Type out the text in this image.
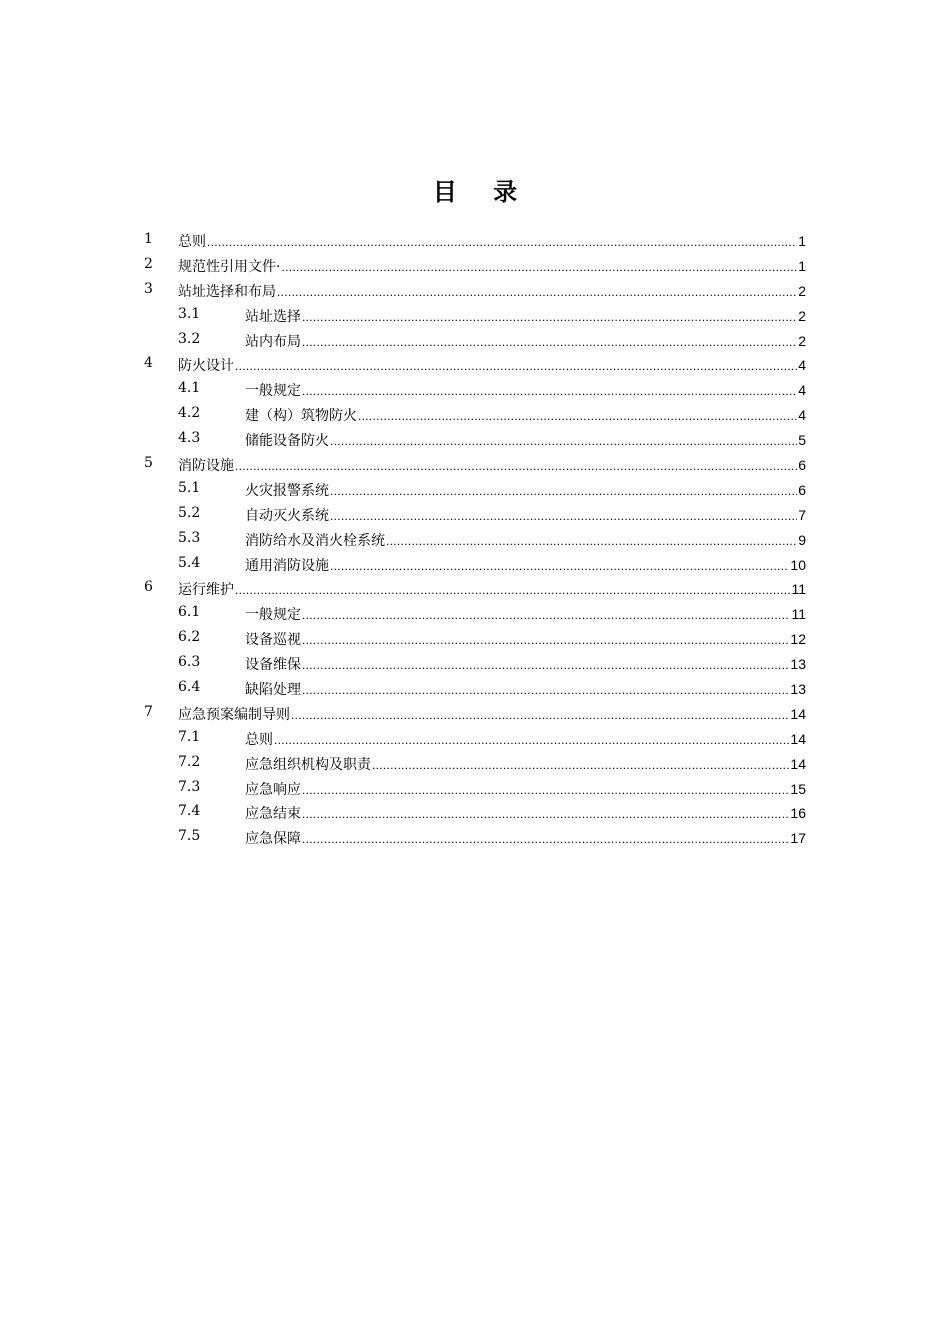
目 录
1 总则 .....	1
2 规范性引用文件· .....	1
3 站址选择和布局 .....	2
3.1	站址选择 .....	2
3.2	站内布局 .....	2
4 防火设计 .....	4
4.1	一般规定 .....	4
4.2	建（构）筑物防火 .....	4
4.3	储能设备防火 .....	5
5 消防设施 .....	6
5.1	火灾报警系统 .....	6
5.2	自动灭火系统 .....	7
5.3	消防给水及消火栓系统 .....	9
5.4	通用消防设施 .....	10
6 运行维护 .....	11
6.1	一般规定 .....	11
6.2	设备巡视 .....	12
6.3	设备维保 .....	13
6.4	缺陷处理 .....	13
7 应急预案编制导则 .....	14
7.1	总则 .....	14
7.2	应急组织机构及职责 .....	14
7.3	应急响应 .....	15
7.4	应急结束 .....	16
7.5	应急保障 .....	17
